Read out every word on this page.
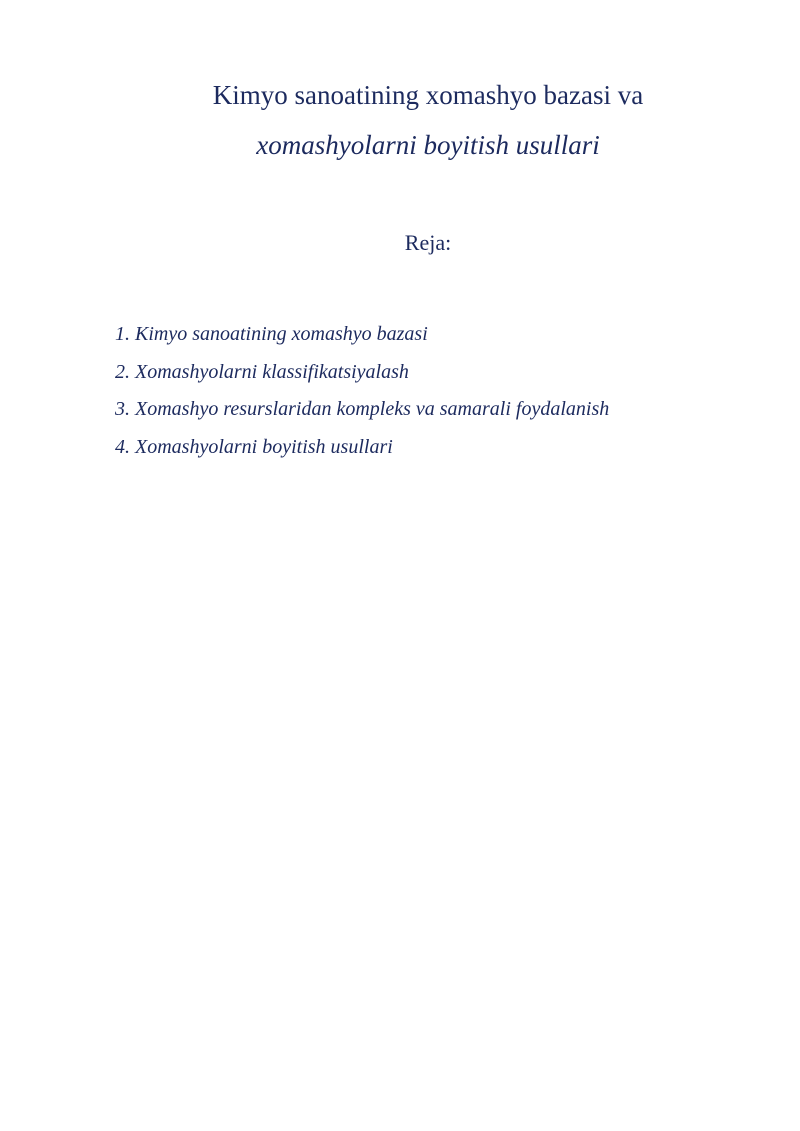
Kimyo sanoatining xomashyo bazasi va
xomashyolarni boyitish usullari
Reja:
1. Kimyo sanoatining xomashyo bazasi
2. Xomashyolarni klassifikatsiyalash
3. Xomashyo resurslaridan kompleks va samarali foydalanish
4. Xomashyolarni boyitish usullari
